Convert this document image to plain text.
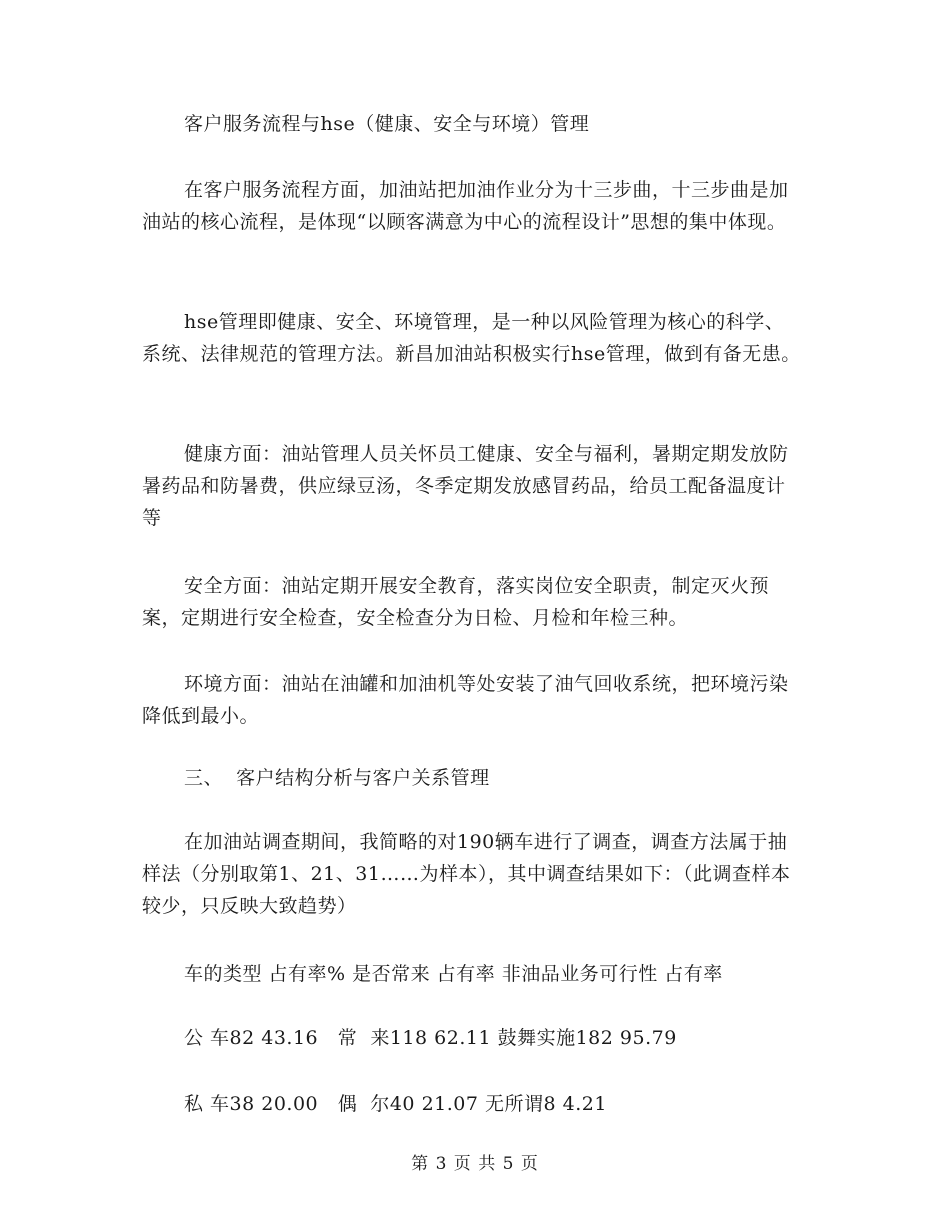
客户服务流程与hse（健康、安全与环境）管理

在客户服务流程方面，加油站把加油作业分为十三步曲，十三步曲是加油站的核心流程，是体现“以顾客满意为中心的流程设计”思想的集中体现。

hse管理即健康、安全、环境管理，是一种以风险管理为核心的科学、系统、法律规范的管理方法。新昌加油站积极实行hse管理，做到有备无患。

健康方面：油站管理人员关怀员工健康、安全与福利，暑期定期发放防暑药品和防暑费，供应绿豆汤，冬季定期发放感冒药品，给员工配备温度计等

安全方面：油站定期开展安全教育，落实岗位安全职责，制定灭火预案，定期进行安全检查，安全检查分为日检、月检和年检三种。

环境方面：油站在油罐和加油机等处安装了油气回收系统，把环境污染降低到最小。

三、  客户结构分析与客户关系管理

在加油站调查期间，我简略的对190辆车进行了调查，调查方法属于抽样法（分别取第1、21、31……为样本），其中调查结果如下：（此调查样本较少，只反映大致趋势）

车的类型 占有率% 是否常来 占有率 非油品业务可行性 占有率

公 车82 43.16   常  来118 62.11 鼓舞实施182 95.79

私 车38 20.00   偶  尔40 21.07 无所谓8 4.21

第 3 页 共 5 页
